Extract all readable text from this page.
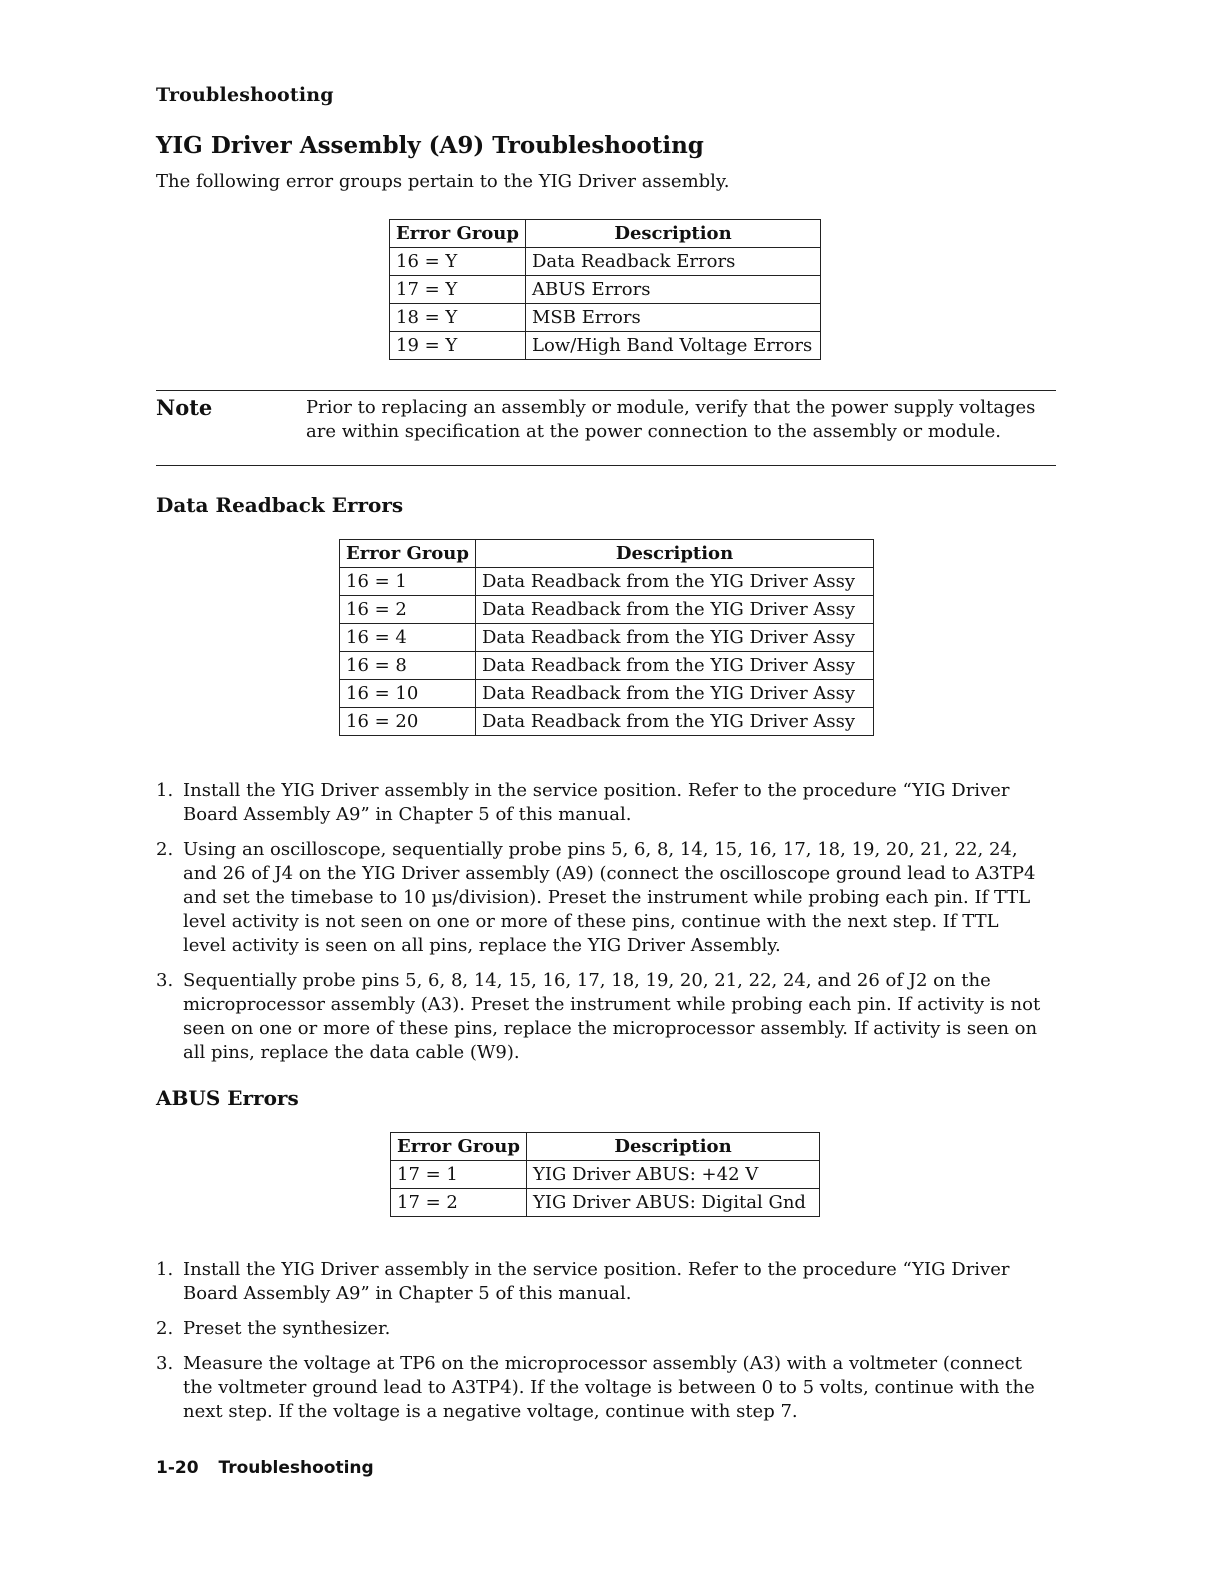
Troubleshooting
YIG Driver Assembly (A9) Troubleshooting
The following error groups pertain to the YIG Driver assembly.
Error Group	Description
16 = Y	Data Readback Errors
17 = Y	ABUS Errors
18 = Y	MSB Errors
19 = Y	Low/High Band Voltage Errors
Note	Prior to replacing an assembly or module, verify that the power supply voltages are within specification at the power connection to the assembly or module.
Data Readback Errors
Error Group	Description
16 = 1	Data Readback from the YIG Driver Assy
16 = 2	Data Readback from the YIG Driver Assy
16 = 4	Data Readback from the YIG Driver Assy
16 = 8	Data Readback from the YIG Driver Assy
16 = 10	Data Readback from the YIG Driver Assy
16 = 20	Data Readback from the YIG Driver Assy
1. Install the YIG Driver assembly in the service position. Refer to the procedure “YIG Driver Board Assembly A9” in Chapter 5 of this manual.
2. Using an oscilloscope, sequentially probe pins 5, 6, 8, 14, 15, 16, 17, 18, 19, 20, 21, 22, 24, and 26 of J4 on the YIG Driver assembly (A9) (connect the oscilloscope ground lead to A3TP4 and set the timebase to 10 µs/division). Preset the instrument while probing each pin. If TTL level activity is not seen on one or more of these pins, continue with the next step. If TTL level activity is seen on all pins, replace the YIG Driver Assembly.
3. Sequentially probe pins 5, 6, 8, 14, 15, 16, 17, 18, 19, 20, 21, 22, 24, and 26 of J2 on the microprocessor assembly (A3). Preset the instrument while probing each pin. If activity is not seen on one or more of these pins, replace the microprocessor assembly. If activity is seen on all pins, replace the data cable (W9).
ABUS Errors
Error Group	Description
17 = 1	YIG Driver ABUS: +42 V
17 = 2	YIG Driver ABUS: Digital Gnd
1. Install the YIG Driver assembly in the service position. Refer to the procedure “YIG Driver Board Assembly A9” in Chapter 5 of this manual.
2. Preset the synthesizer.
3. Measure the voltage at TP6 on the microprocessor assembly (A3) with a voltmeter (connect the voltmeter ground lead to A3TP4). If the voltage is between 0 to 5 volts, continue with the next step. If the voltage is a negative voltage, continue with step 7.
1-20 Troubleshooting
